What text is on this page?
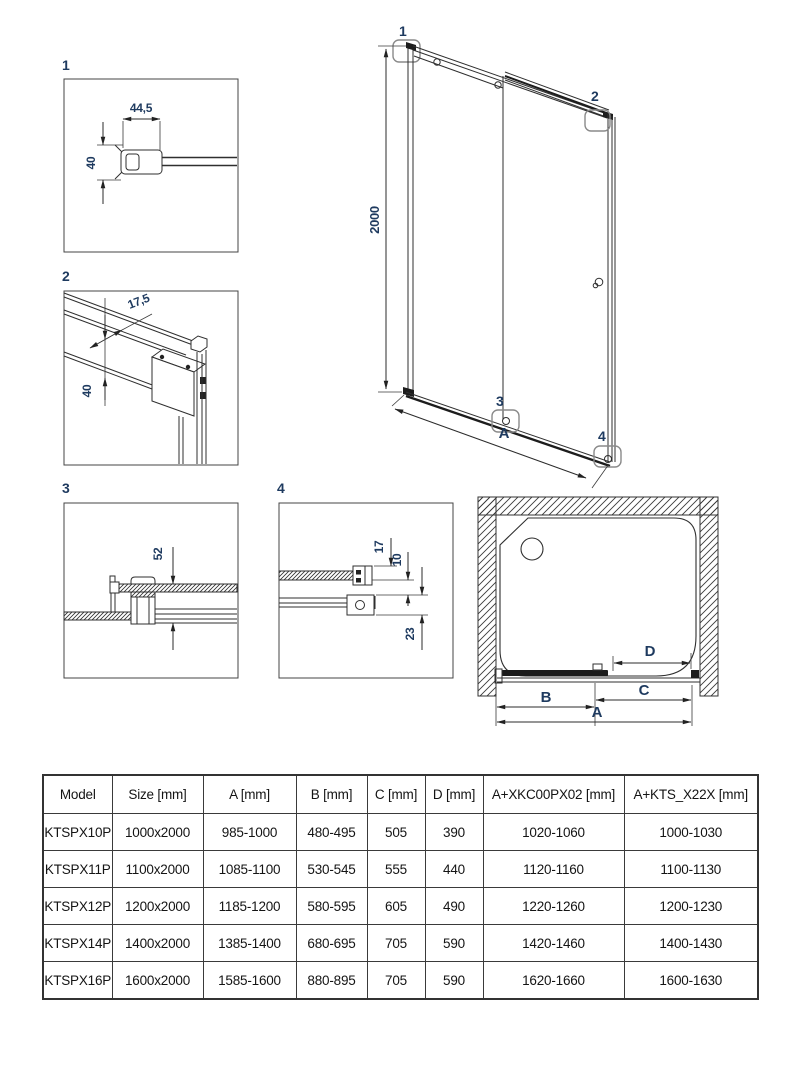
1
44,5
40
2
17,5
40
3
52
4
17
10
23
1
2
3
4
2000
A
D
C
B
A
Model	Size [mm]	A [mm]	B [mm]	C [mm]	D [mm]	A+XKC00PX02 [mm]	A+KTS_X22X [mm]
KTSPX10P	1000x2000	985-1000	480-495	505	390	1020-1060	1000-1030
KTSPX11P	1100x2000	1085-1100	530-545	555	440	1120-1160	1100-1130
KTSPX12P	1200x2000	1185-1200	580-595	605	490	1220-1260	1200-1230
KTSPX14P	1400x2000	1385-1400	680-695	705	590	1420-1460	1400-1430
KTSPX16P	1600x2000	1585-1600	880-895	705	590	1620-1660	1600-1630
